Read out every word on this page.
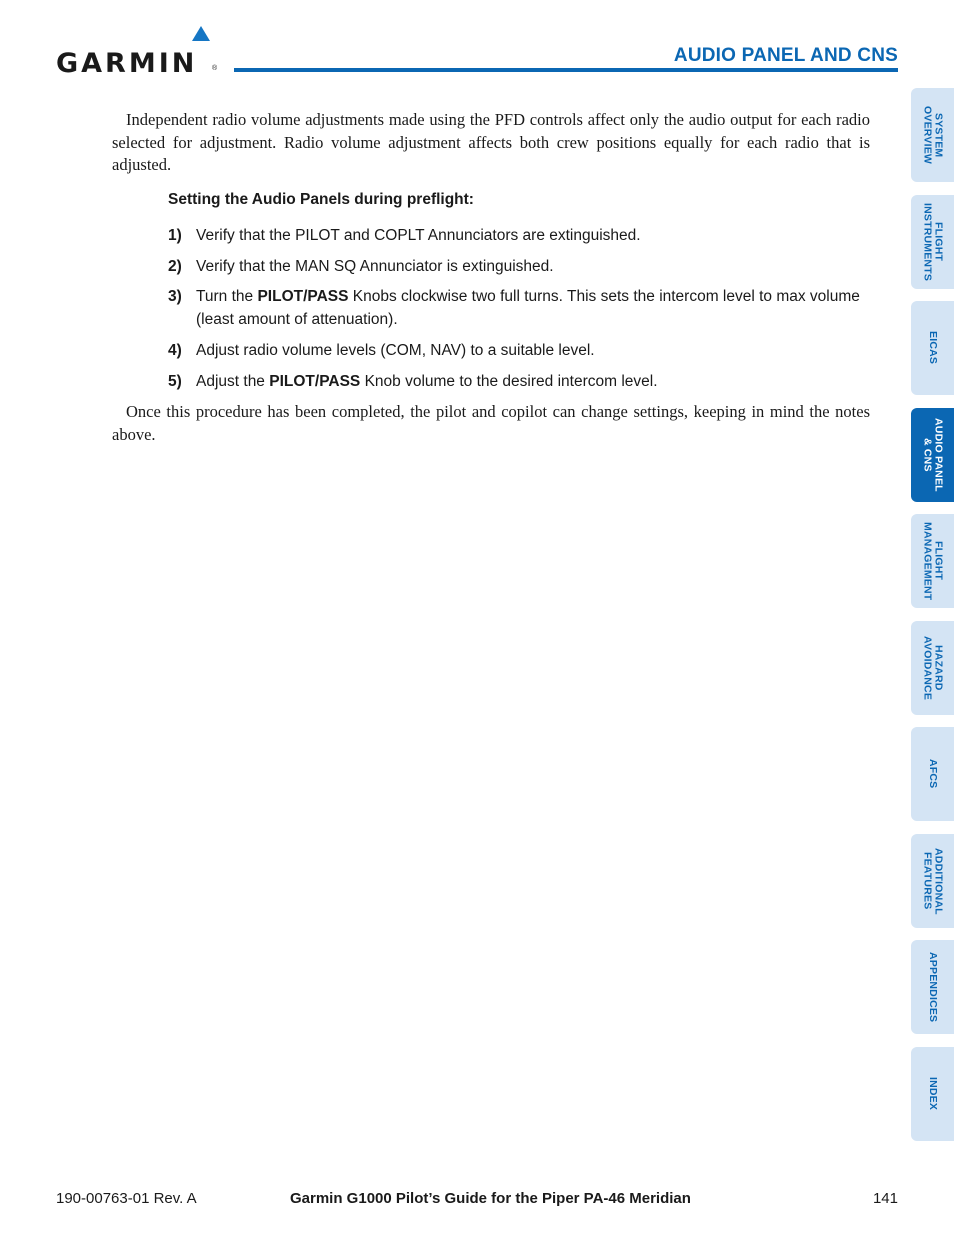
GARMIN ®
AUDIO PANEL AND CNS

Independent radio volume adjustments made using the PFD controls affect only the audio output for each radio selected for adjustment. Radio volume adjustment affects both crew positions equally for each radio that is adjusted.

Setting the Audio Panels during preflight:
1) Verify that the PILOT and COPLT Annunciators are extinguished.
2) Verify that the MAN SQ Annunciator is extinguished.
3) Turn the PILOT/PASS Knobs clockwise two full turns. This sets the intercom level to max volume (least amount of attenuation).
4) Adjust radio volume levels (COM, NAV) to a suitable level.
5) Adjust the PILOT/PASS Knob volume to the desired intercom level.

Once this procedure has been completed, the pilot and copilot can change settings, keeping in mind the notes above.

SYSTEM
OVERVIEW
FLIGHT
INSTRUMENTS
EICAS
AUDIO PANEL
& CNS
FLIGHT
MANAGEMENT
HAZARD
AVOIDANCE
AFCS
ADDITIONAL
FEATURES
APPENDICES
INDEX
190-00763-01 Rev. A	Garmin G1000 Pilot’s Guide for the Piper PA-46 Meridian	141
